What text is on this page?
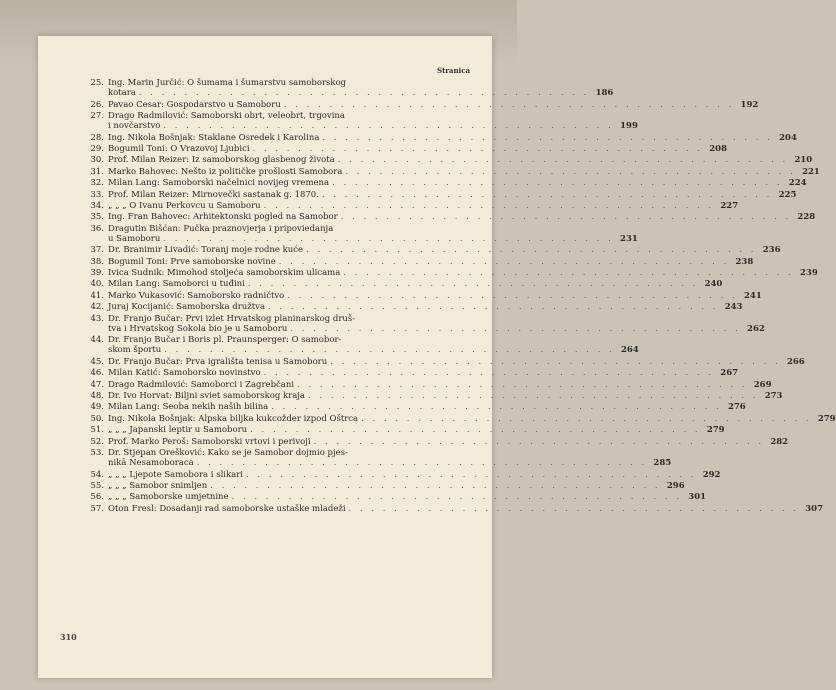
Stranica
25. Ing. Marin Jurčić: O šumama i šumarstvu samoborskog
kotara . . . . . . . . . . . . . . . . . . . . . . . . . . . . . . . . . . . . . . . . 186
26. Pavao Cesar: Gospodarstvo u Samoboru . . . . . . . . . . . . . . . . . . . . . . . . . . . . . . . . . . . . . . . . 192
27. Drago Radmilović: Samoborski obrt, veleobrt, trgovina
i novčarstvo . . . . . . . . . . . . . . . . . . . . . . . . . . . . . . . . . . . . . . . . 199
28. Ing. Nikola Bošnjak: Staklane Osredek i Karolina . . . . . . . . . . . . . . . . . . . . . . . . . . . . . . . . . . . . . . . . 204
29. Bogumil Toni: O Vrazovoj Ljubici . . . . . . . . . . . . . . . . . . . . . . . . . . . . . . . . . . . . . . . . 208
30. Prof. Milan Reizer: Iz samoborskog glasbenog života . . . . . . . . . . . . . . . . . . . . . . . . . . . . . . . . . . . . . . . . 210
31. Marko Bahovec: Nešto iz političke prošlosti Samobora . . . . . . . . . . . . . . . . . . . . . . . . . . . . . . . . . . . . . . . . 221
32. Milan Lang: Samoborski načelnici novijeg vremena . . . . . . . . . . . . . . . . . . . . . . . . . . . . . . . . . . . . . . . . 224
33. Prof. Milan Reizer: Mirnovečki sastanak g. 1870. . . . . . . . . . . . . . . . . . . . . . . . . . . . . . . . . . . . . . . . . 225
34. „ „ „ O Ivanu Perkovcu u Samoboru . . . . . . . . . . . . . . . . . . . . . . . . . . . . . . . . . . . . . . . . 227
35. Ing. Fran Bahovec: Arhitektonski pogled na Samobor . . . . . . . . . . . . . . . . . . . . . . . . . . . . . . . . . . . . . . . . 228
36. Dragutin Bišćan: Pučka praznovjerja i pripoviedanja
u Samoboru . . . . . . . . . . . . . . . . . . . . . . . . . . . . . . . . . . . . . . . . 231
37. Dr. Branimir Livadić: Toranj moje rodne kuće . . . . . . . . . . . . . . . . . . . . . . . . . . . . . . . . . . . . . . . . 236
38. Bogumil Toni: Prve samoborske novine . . . . . . . . . . . . . . . . . . . . . . . . . . . . . . . . . . . . . . . . 238
39. Ivica Sudnik: Mimohod stoljeća samoborskim ulicama . . . . . . . . . . . . . . . . . . . . . . . . . . . . . . . . . . . . . . . . 239
40. Milan Lang: Samoborci u tuđini . . . . . . . . . . . . . . . . . . . . . . . . . . . . . . . . . . . . . . . . 240
41. Marko Vukasović: Samoborsko radničtvo . . . . . . . . . . . . . . . . . . . . . . . . . . . . . . . . . . . . . . . . 241
42. Juraj Kocijanić: Samoborska družtva . . . . . . . . . . . . . . . . . . . . . . . . . . . . . . . . . . . . . . . . 243
43. Dr. Franjo Bučar: Prvi izlet Hrvatskog planinarskog druš-
tva i Hrvatskog Sokola bio je u Samoboru . . . . . . . . . . . . . . . . . . . . . . . . . . . . . . . . . . . . . . . . 262
44. Dr. Franjo Bučar i Boris pl. Praunsperger: O samobor-
skom športu . . . . . . . . . . . . . . . . . . . . . . . . . . . . . . . . . . . . . . . . 264
45. Dr. Franjo Bučar: Prva igrališta tenisa u Samoboru . . . . . . . . . . . . . . . . . . . . . . . . . . . . . . . . . . . . . . . . 266
46. Milan Katić: Samoborsko novinstvo . . . . . . . . . . . . . . . . . . . . . . . . . . . . . . . . . . . . . . . . 267
47. Drago Radmilović: Samoborci i Zagrebčani . . . . . . . . . . . . . . . . . . . . . . . . . . . . . . . . . . . . . . . . 269
48. Dr. Ivo Horvat: Biljni sviet samoborskog kraja . . . . . . . . . . . . . . . . . . . . . . . . . . . . . . . . . . . . . . . . 273
49. Milan Lang: Seoba nekih naših bilina . . . . . . . . . . . . . . . . . . . . . . . . . . . . . . . . . . . . . . . . 276
50. Ing. Nikola Bošnjak: Alpska biljka kukcožder izpod Oštrca . . . . . . . . . . . . . . . . . . . . . . . . . . . . . . . . . . . . . . . . 279
51. „ „ „ Japanski leptir u Samoboru . . . . . . . . . . . . . . . . . . . . . . . . . . . . . . . . . . . . . . . . 279
52. Prof. Marko Peroš: Samoborski vrtovi i perivoji . . . . . . . . . . . . . . . . . . . . . . . . . . . . . . . . . . . . . . . . 282
53. Dr. Stjepan Orešković: Kako se je Samobor dojmio pjes-
nikā Nesamoboraca . . . . . . . . . . . . . . . . . . . . . . . . . . . . . . . . . . . . . . . . 285
54. „ „ „ Ljepote Samobora i slikari . . . . . . . . . . . . . . . . . . . . . . . . . . . . . . . . . . . . . . . . 292
55. „ „ „ Samobor snimljen . . . . . . . . . . . . . . . . . . . . . . . . . . . . . . . . . . . . . . . . 296
56. „ „ „ Samoborske umjetnine . . . . . . . . . . . . . . . . . . . . . . . . . . . . . . . . . . . . . . . . 301
57. Oton Fresl: Dosadanji rad samoborske ustaške mladeži . . . . . . . . . . . . . . . . . . . . . . . . . . . . . . . . . . . . . . . . 307
310
